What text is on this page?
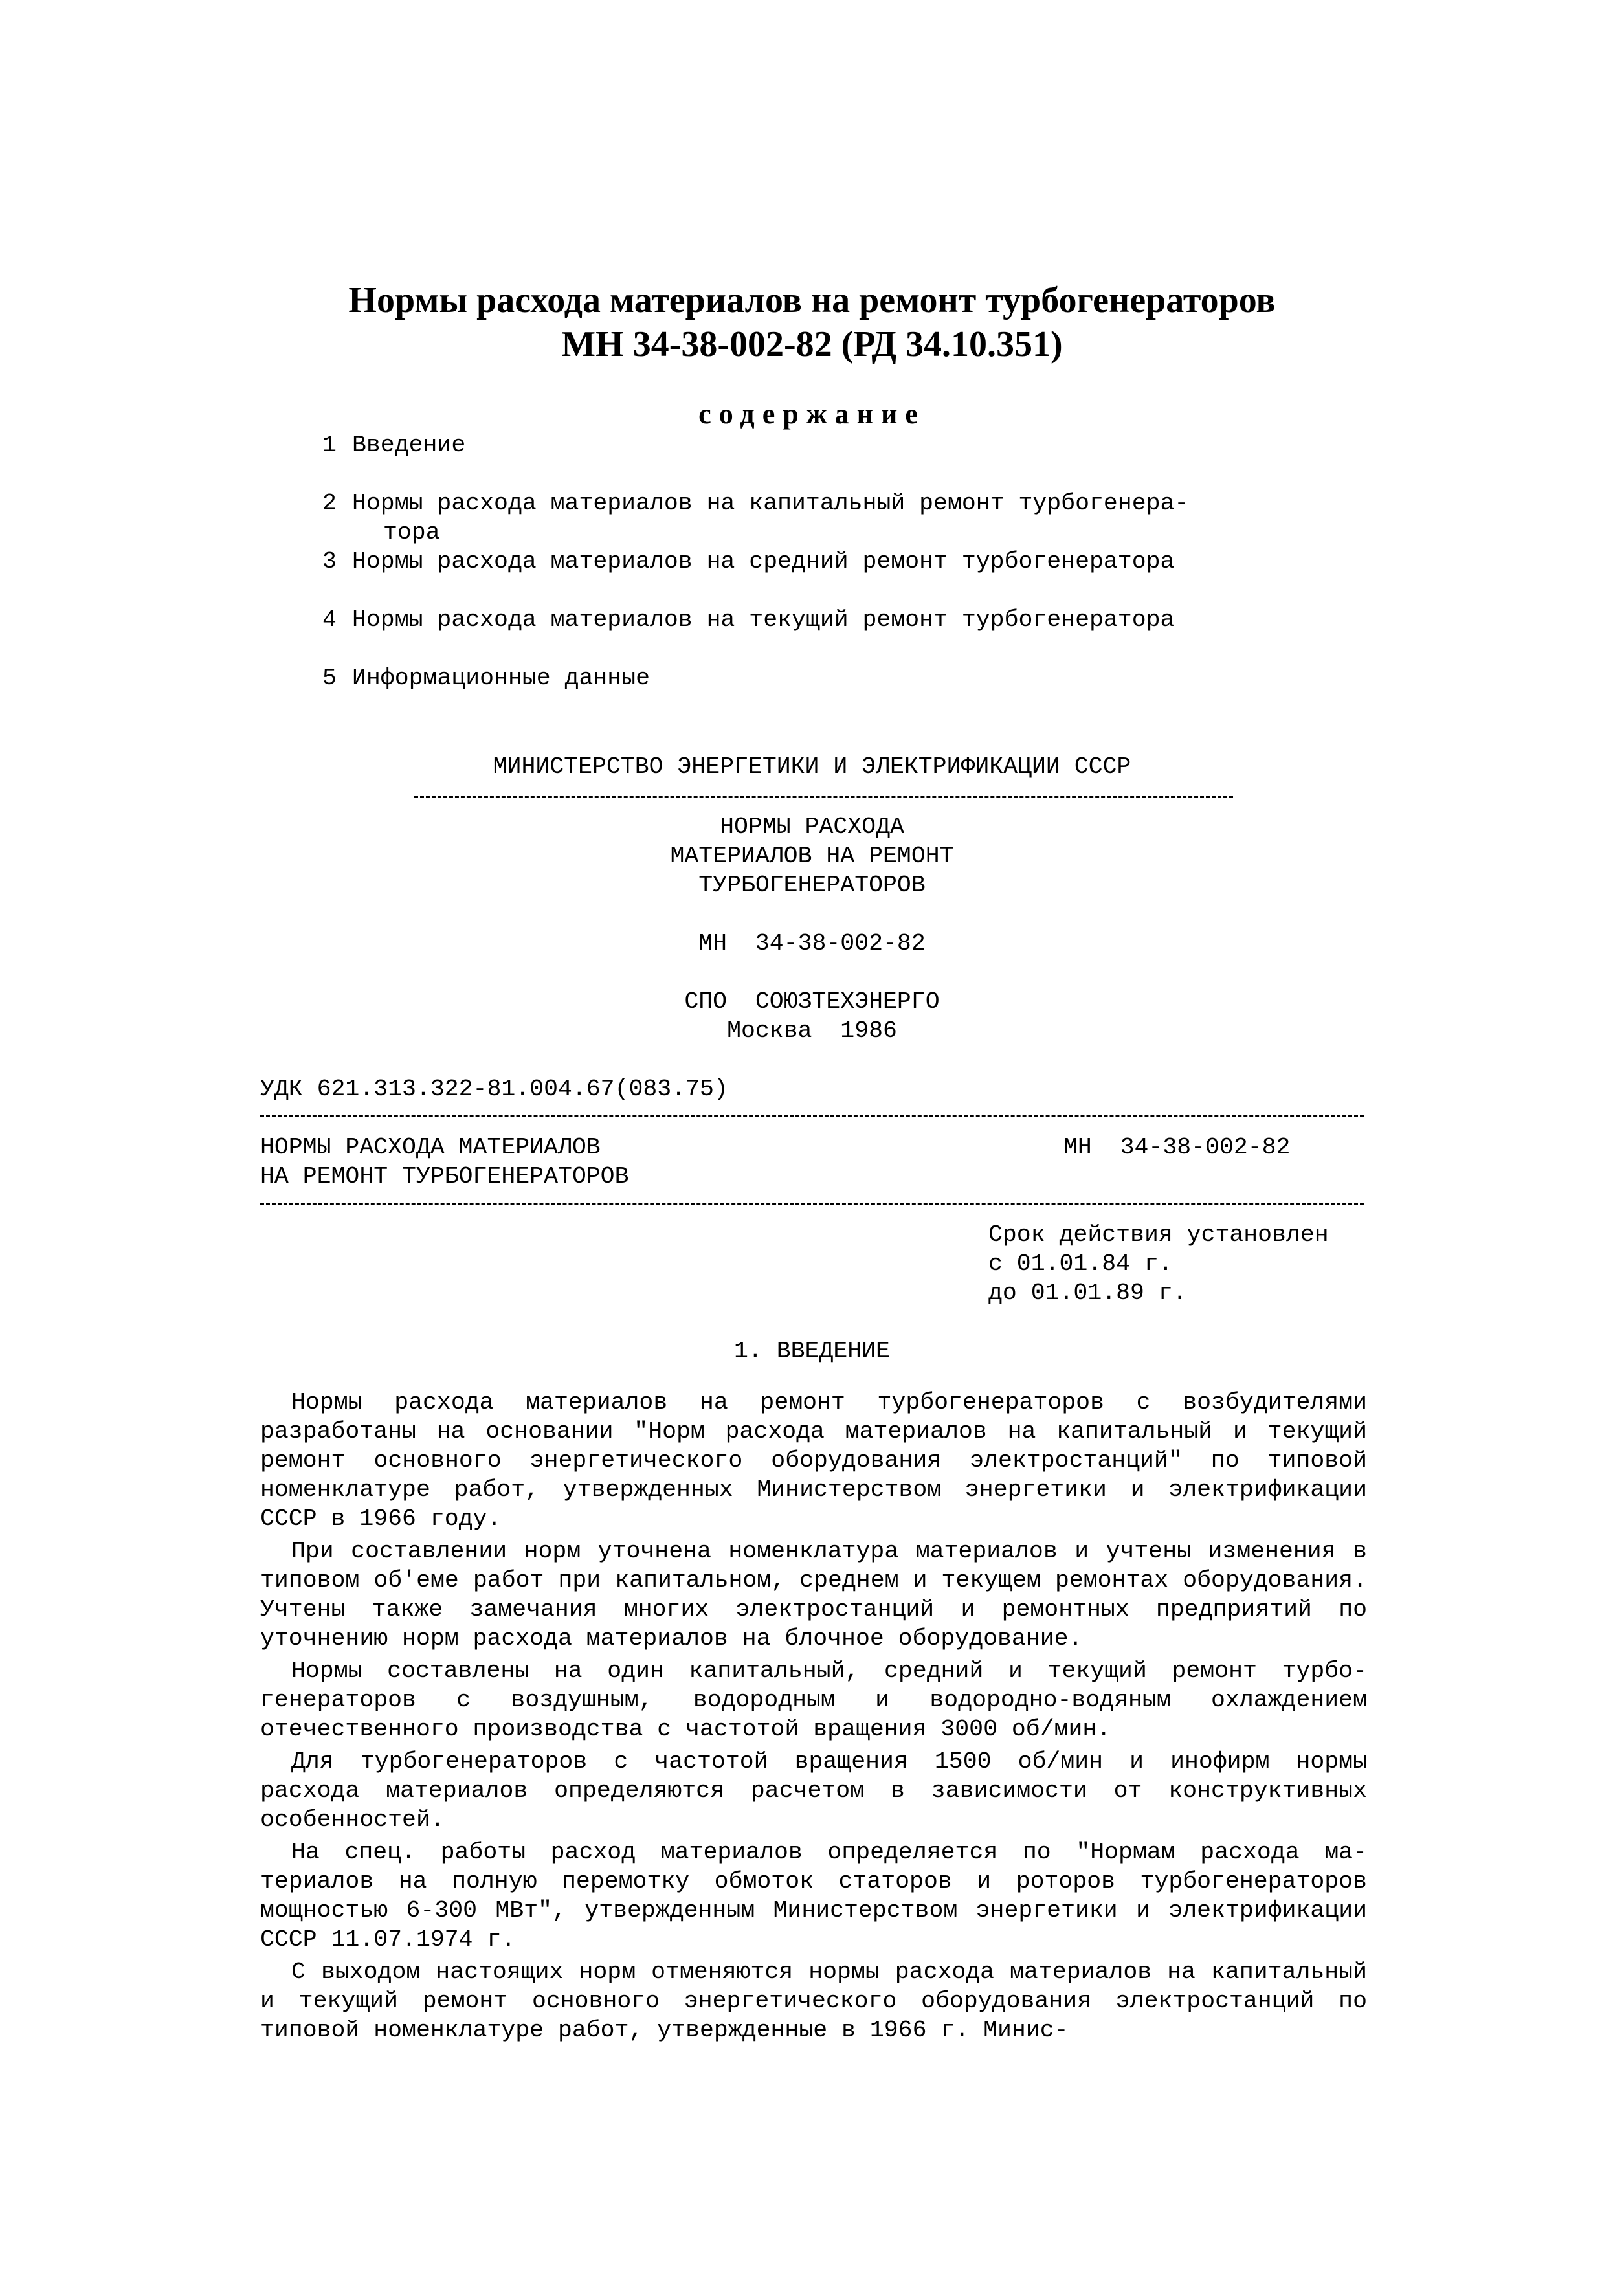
Нормы расхода материалов на ремонт турбогенераторов
МН 34-38-002-82 (РД 34.10.351)
содержание
1 Введение
2 Нормы расхода материалов на капитальный ремонт турбогенера-
тора
3 Нормы расхода материалов на средний ремонт турбогенератора
4 Нормы расхода материалов на текущий ремонт турбогенератора
5 Информационные данные
МИНИСТЕРСТВО ЭНЕРГЕТИКИ И ЭЛЕКТРИФИКАЦИИ СССР
НОРМЫ РАСХОДА
МАТЕРИАЛОВ НА РЕМОНТ
ТУРБОГЕНЕРАТОРОВ
МН  34-38-002-82
СПО  СОЮЗТЕХЭНЕРГО
Москва  1986
УДК 621.313.322-81.004.67(083.75)
НОРМЫ РАСХОДА МАТЕРИАЛОВ	МН  34-38-002-82
НА РЕМОНТ ТУРБОГЕНЕРАТОРОВ
Срок действия установлен
с 01.01.84 г.
до 01.01.89 г.
1. ВВЕДЕНИЕ

Нормы расхода материалов на ремонт турбогенераторов с возбудителями разработаны на основании "Норм расхода материалов на капитальный и текущий ремонт основного энергетического оборудования электростанций" по типовой номенклатуре работ, утвержденных Министерством энергетики и электрификации СССР в 1966 году.

При составлении норм уточнена номенклатура материалов и учтены изменения в типовом об'еме работ при капитальном, среднем и текущем ремонтах оборудования. Учтены также замечания многих электростанций и ремонтных предприятий по уточнению норм расхода материалов на блочное оборудование.

Нормы составлены на один капитальный, средний и текущий ремонт турбогенераторов с воздушным, водородным и водородно-водяным охлаждением отечественного производства с частотой вращения 3000 об/мин.

Для турбогенераторов с частотой вращения 1500 об/мин и инофирм нормы расхода материалов определяются расчетом в зависимости от конструктивных особенностей.

На спец. работы расход материалов определяется по "Нормам расхода материалов на полную перемотку обмоток статоров и роторов турбогенераторов мощностью 6-300 МВт", утвержденным Министерством энергетики и электрификации СССР 11.07.1974 г.

С выходом настоящих норм отменяются нормы расхода материалов на капитальный и текущий ремонт основного энергетического оборудования электростанций по типовой номенклатуре работ, утвержденные в 1966 г. Минис-
